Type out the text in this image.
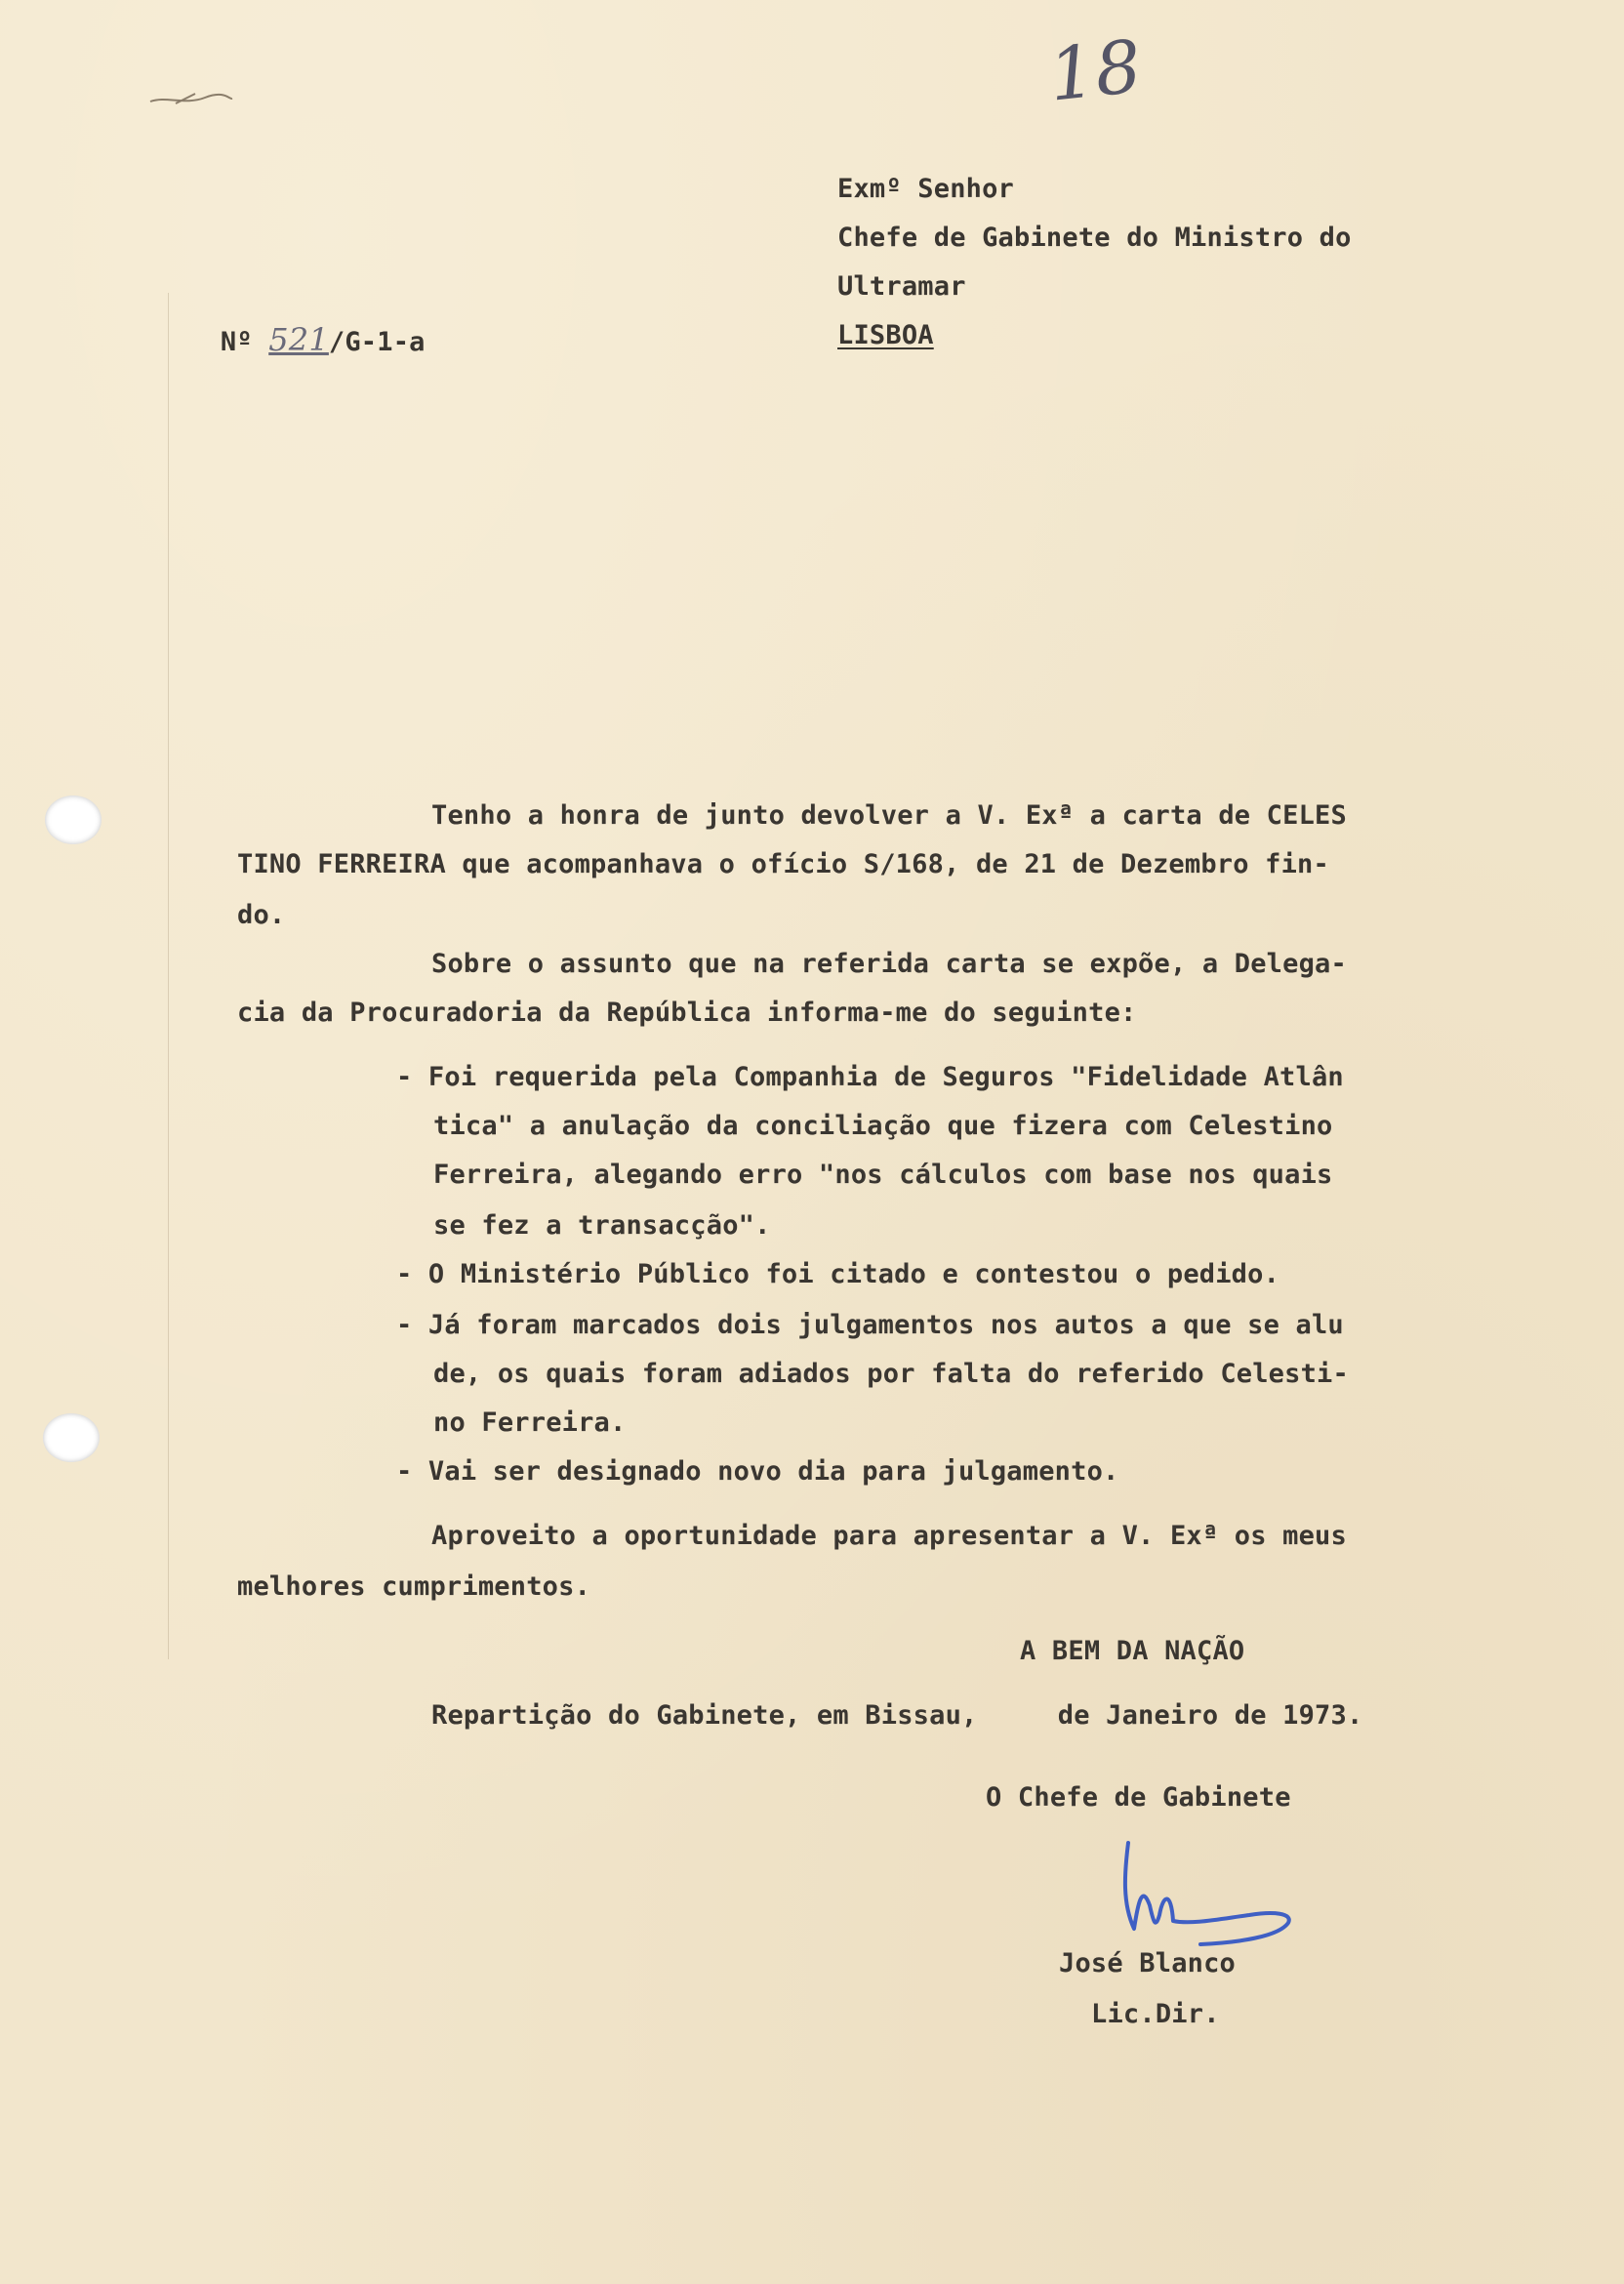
18

Nº 521/G-1-a

Exmº Senhor
Chefe de Gabinete do Ministro do
Ultramar
LISBOA
Tenho a honra de junto devolver a V. Exª a carta de CELES
TINO FERREIRA que acompanhava o ofício S/168, de 21 de Dezembro fin-
do.
Sobre o assunto que na referida carta se expõe, a Delega-
cia da Procuradoria da República informa-me do seguinte:
- Foi requerida pela Companhia de Seguros "Fidelidade Atlân
tica" a anulação da conciliação que fizera com Celestino
Ferreira, alegando erro "nos cálculos com base nos quais
se fez a transacção".
- O Ministério Público foi citado e contestou o pedido.
- Já foram marcados dois julgamentos nos autos a que se alu
de, os quais foram adiados por falta do referido Celesti-
no Ferreira.
- Vai ser designado novo dia para julgamento.
Aproveito a oportunidade para apresentar a V. Exª os meus
melhores cumprimentos.
A BEM DA NAÇÃO
Repartição do Gabinete, em Bissau,     de Janeiro de 1973.
O Chefe de Gabinete
José Blanco
Lic.Dir.
